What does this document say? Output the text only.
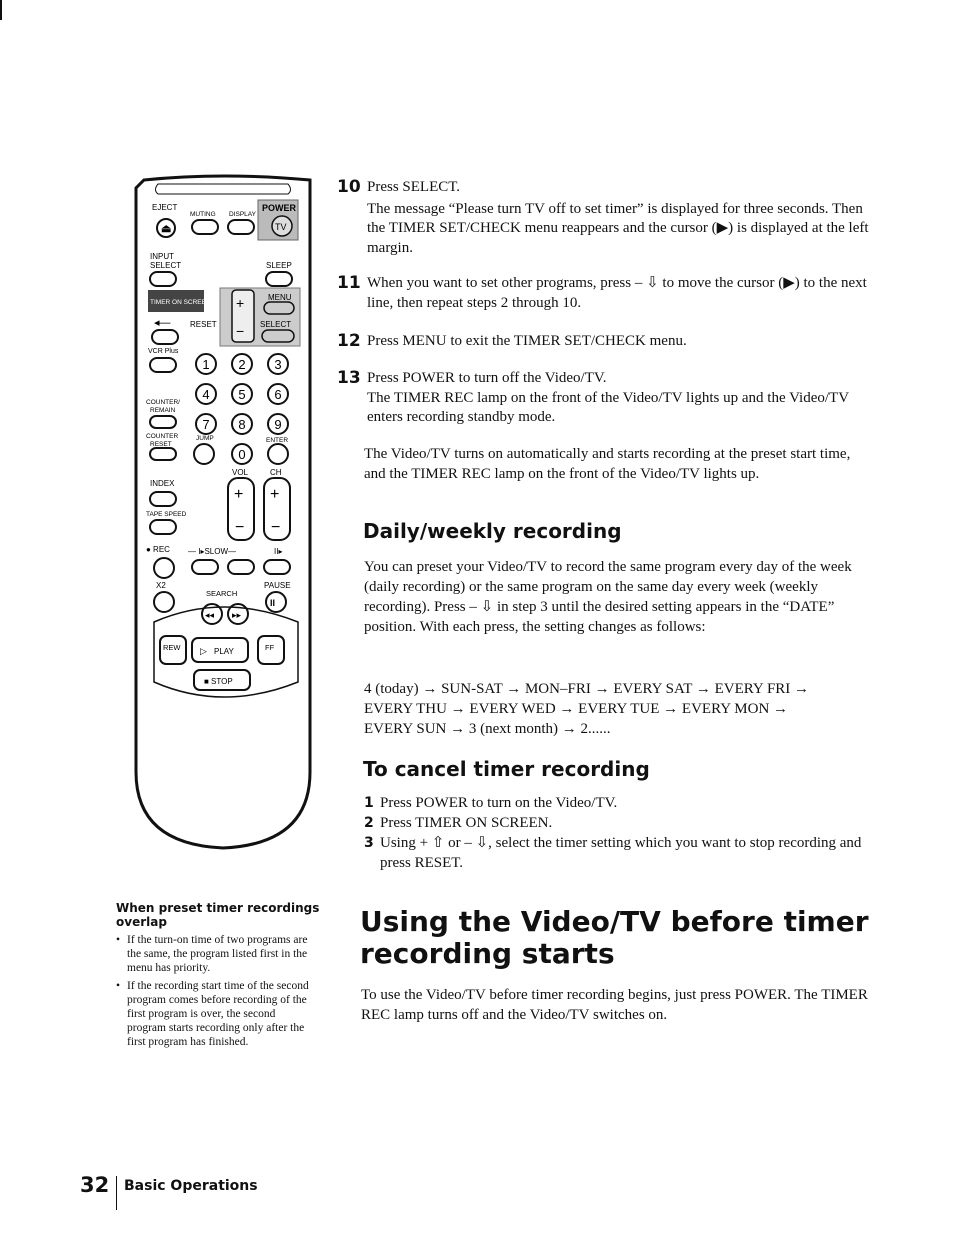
EJECT
⏏
MUTING DISPLAY
POWER
TV
INPUT
SELECT	SLEEP
TIMER ON SCREEN
MENU
+
−
RESET	SELECT
◂—
VCR Plus
1 2 3
4 5 6
7 8 9
0
COUNTER/
REMAIN
COUNTER
RESET
JUMP	ENTER
VOL	CH
INDEX
TAPE SPEED
+ +
− −
● REC — I▸SLOW—	II▸
X2	PAUSE
SEARCH
II
◂◂ ▸▸
REW ▷ PLAY	FF
■ STOP
10 Press SELECT.

The message “Please turn TV off to set timer” is displayed for three seconds. Then the TIMER SET/CHECK menu reappears and the cursor (▶) is displayed at the left margin.

11 When you want to set other programs, press – ⇩ to move the cursor (▶) to the next line, then repeat steps 2 through 10.

12 Press MENU to exit the TIMER SET/CHECK menu.

13 Press POWER to turn off the Video/TV.

The TIMER REC lamp on the front of the Video/TV lights up and the Video/TV enters recording standby mode.

The Video/TV turns on automatically and starts recording at the preset start time, and the TIMER REC lamp on the front of the Video/TV lights up.

Daily/weekly recording

You can preset your Video/TV to record the same program every day of the week (daily recording) or the same program on the same day every week (weekly recording). Press – ⇩ in step 3 until the desired setting appears in the “DATE” position. With each press, the setting changes as follows:

4 (today) → SUN-SAT → MON–FRI → EVERY SAT → EVERY FRI →

EVERY THU → EVERY WED → EVERY TUE → EVERY MON →

EVERY SUN → 3 (next month) → 2......

To cancel timer recording
1 Press POWER to turn on the Video/TV.
2 Press TIMER ON SCREEN.
3 Using + ⇧ or – ⇩, select the timer setting which you want to stop recording and press RESET.

When preset timer recordings overlap

• If the turn-on time of two programs are the same, the program listed first in the menu has priority.
• If the recording start time of the second program comes before recording of the first program is over, the second program starts recording only after the first program has finished.
Using the Video/TV before timer recording starts

To use the Video/TV before timer recording begins, just press POWER. The TIMER REC lamp turns off and the Video/TV switches on.

32 Basic Operations
